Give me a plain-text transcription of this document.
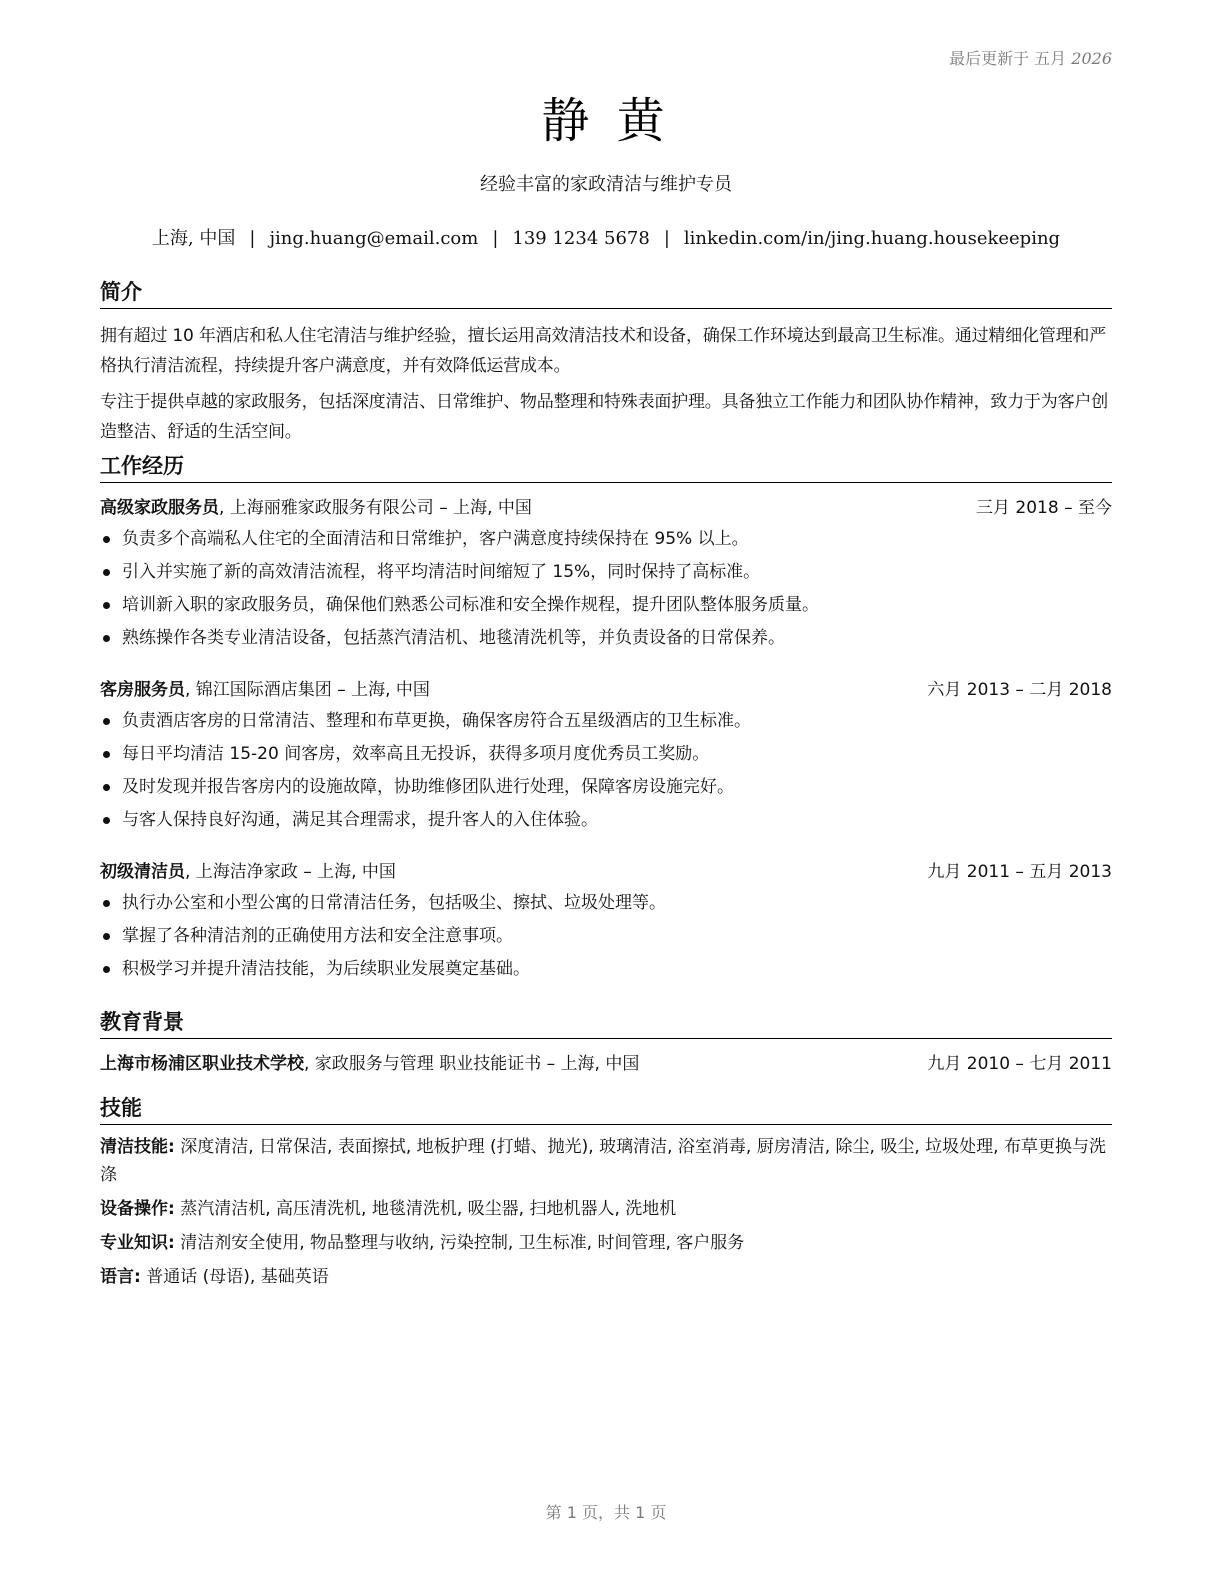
最后更新于 五月 2026
静 黄
经验丰富的家政清洁与维护专员
上海, 中国 | jing.huang@email.com | 139 1234 5678 | linkedin.com/in/jing.huang.housekeeping
简介

拥有超过 10 年酒店和私人住宅清洁与维护经验，擅长运用高效清洁技术和设备，确保工作环境达到最高卫生标准。通过精细化管理和严格执行清洁流程，持续提升客户满意度，并有效降低运营成本。

专注于提供卓越的家政服务，包括深度清洁、日常维护、物品整理和特殊表面护理。具备独立工作能力和团队协作精神，致力于为客户创造整洁、舒适的生活空间。

工作经历
高级家政服务员, 上海丽雅家政服务有限公司 – 上海, 中国	三月 2018 – 至今
负责多个高端私人住宅的全面清洁和日常维护，客户满意度持续保持在 95% 以上。
引入并实施了新的高效清洁流程，将平均清洁时间缩短了 15%，同时保持了高标准。
培训新入职的家政服务员，确保他们熟悉公司标准和安全操作规程，提升团队整体服务质量。
熟练操作各类专业清洁设备，包括蒸汽清洁机、地毯清洗机等，并负责设备的日常保养。
客房服务员, 锦江国际酒店集团 – 上海, 中国	六月 2013 – 二月 2018
负责酒店客房的日常清洁、整理和布草更换，确保客房符合五星级酒店的卫生标准。
每日平均清洁 15-20 间客房，效率高且无投诉，获得多项月度优秀员工奖励。
及时发现并报告客房内的设施故障，协助维修团队进行处理，保障客房设施完好。
与客人保持良好沟通，满足其合理需求，提升客人的入住体验。
初级清洁员, 上海洁净家政 – 上海, 中国	九月 2011 – 五月 2013
执行办公室和小型公寓的日常清洁任务，包括吸尘、擦拭、垃圾处理等。
掌握了各种清洁剂的正确使用方法和安全注意事项。
积极学习并提升清洁技能，为后续职业发展奠定基础。
教育背景
上海市杨浦区职业技术学校, 家政服务与管理 职业技能证书 – 上海, 中国	九月 2010 – 七月 2011
技能

清洁技能: 深度清洁, 日常保洁, 表面擦拭, 地板护理 (打蜡、抛光), 玻璃清洁, 浴室消毒, 厨房清洁, 除尘, 吸尘, 垃圾处理, 布草更换与洗涤

设备操作: 蒸汽清洁机, 高压清洗机, 地毯清洗机, 吸尘器, 扫地机器人, 洗地机

专业知识: 清洁剂安全使用, 物品整理与收纳, 污染控制, 卫生标准, 时间管理, 客户服务

语言: 普通话 (母语), 基础英语

第 1 页，共 1 页
